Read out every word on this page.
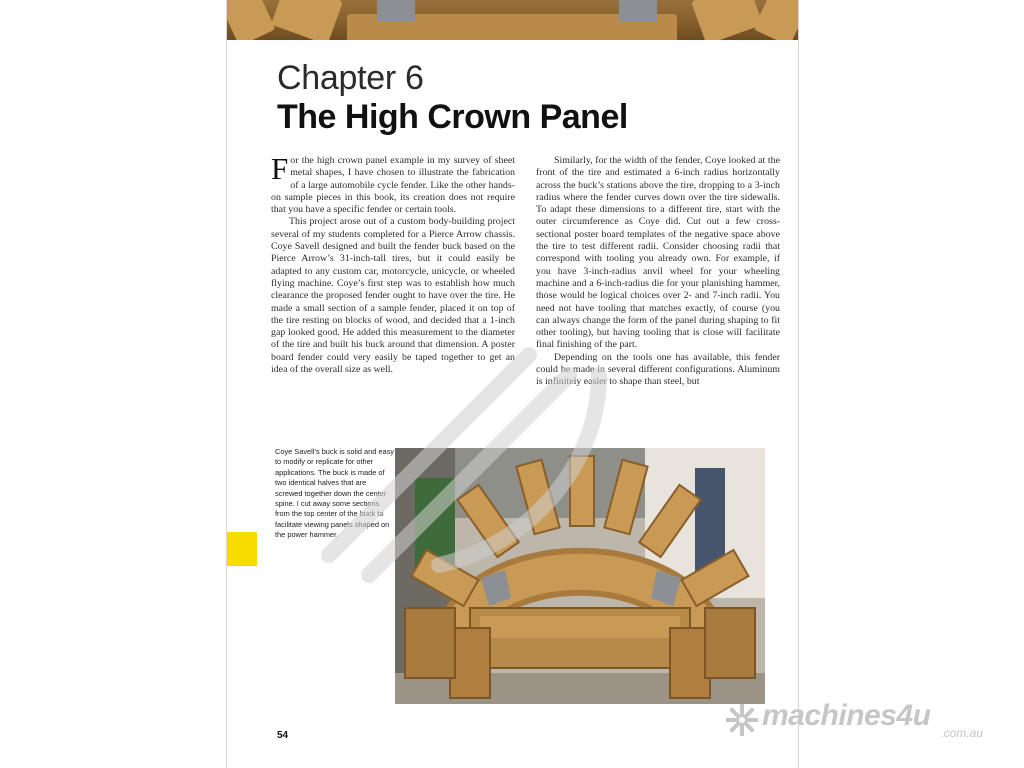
Chapter 6
The High Crown Panel

For the high crown panel example in my survey of sheet metal shapes, I have chosen to illustrate the fabrication of a large automobile cycle fender. Like the other hands-on sample pieces in this book, its creation does not require that you have a specific fender or certain tools.

This project arose out of a custom body-building project several of my students completed for a Pierce Arrow chassis. Coye Savell designed and built the fender buck based on the Pierce Arrow’s 31-inch-tall tires, but it could easily be adapted to any custom car, motorcycle, unicycle, or wheeled flying machine. Coye’s first step was to establish how much clearance the proposed fender ought to have over the tire. He made a small section of a sample fender, placed it on top of the tire resting on blocks of wood, and decided that a 1-inch gap looked good. He added this measurement to the diameter of the tire and built his buck around that dimension. A poster board fender could very easily be taped together to get an idea of the overall size as well.

Similarly, for the width of the fender, Coye looked at the front of the tire and estimated a 6-inch radius horizontally across the buck’s stations above the tire, dropping to a 3-inch radius where the fender curves down over the tire sidewalls. To adapt these dimensions to a different tire, start with the outer circumference as Coye did. Cut out a few cross-sectional poster board templates of the negative space above the tire to test different radii. Consider choosing radii that correspond with tooling you already own. For example, if you have 3-inch-radius anvil wheel for your wheeling machine and a 6-inch-radius die for your planishing hammer, those would be logical choices over 2- and 7-inch radii. You need not have tooling that matches exactly, of course (you can always change the form of the panel during shaping to fit other tooling), but having tooling that is close will facilitate final finishing of the part.

Depending on the tools one has available, this fender could be made in several different configurations. Aluminum is infinitely easier to shape than steel, but

Coye Savell’s buck is solid and easy to modify or replicate for other applications. The buck is made of two identical halves that are screwed together down the center spine. I cut away some sections from the top center of the buck to facilitate viewing panels shaped on the power hammer.
54
machines4u
.com.au
